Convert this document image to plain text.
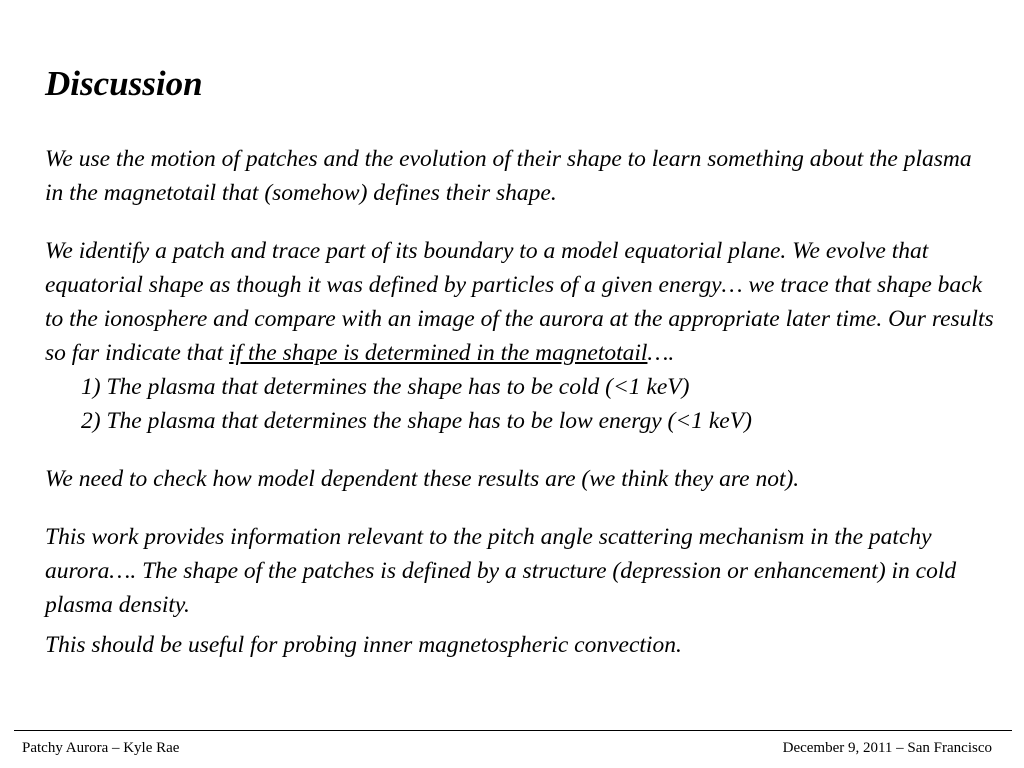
Discussion

We use the motion of patches and the evolution of their shape to learn something about the plasma in the magnetotail that (somehow) defines their shape.

We identify a patch and trace part of its boundary to a model equatorial plane. We evolve that equatorial shape as though it was defined by particles of a given energy… we trace that shape back to the ionosphere and compare with an image of the aurora at the appropriate later time. Our results so far indicate that if the shape is determined in the magnetotail….

1) The plasma that determines the shape has to be cold (<1 keV)
2) The plasma that determines the shape has to be low energy (<1 keV)

We need to check how model dependent these results are (we think they are not).

This work provides information relevant to the pitch angle scattering mechanism in the patchy aurora…. The shape of the patches is defined by a structure (depression or enhancement) in cold plasma density.

This should be useful for probing inner magnetospheric convection.

Patchy Aurora – Kyle Rae	December 9, 2011 – San Francisco
